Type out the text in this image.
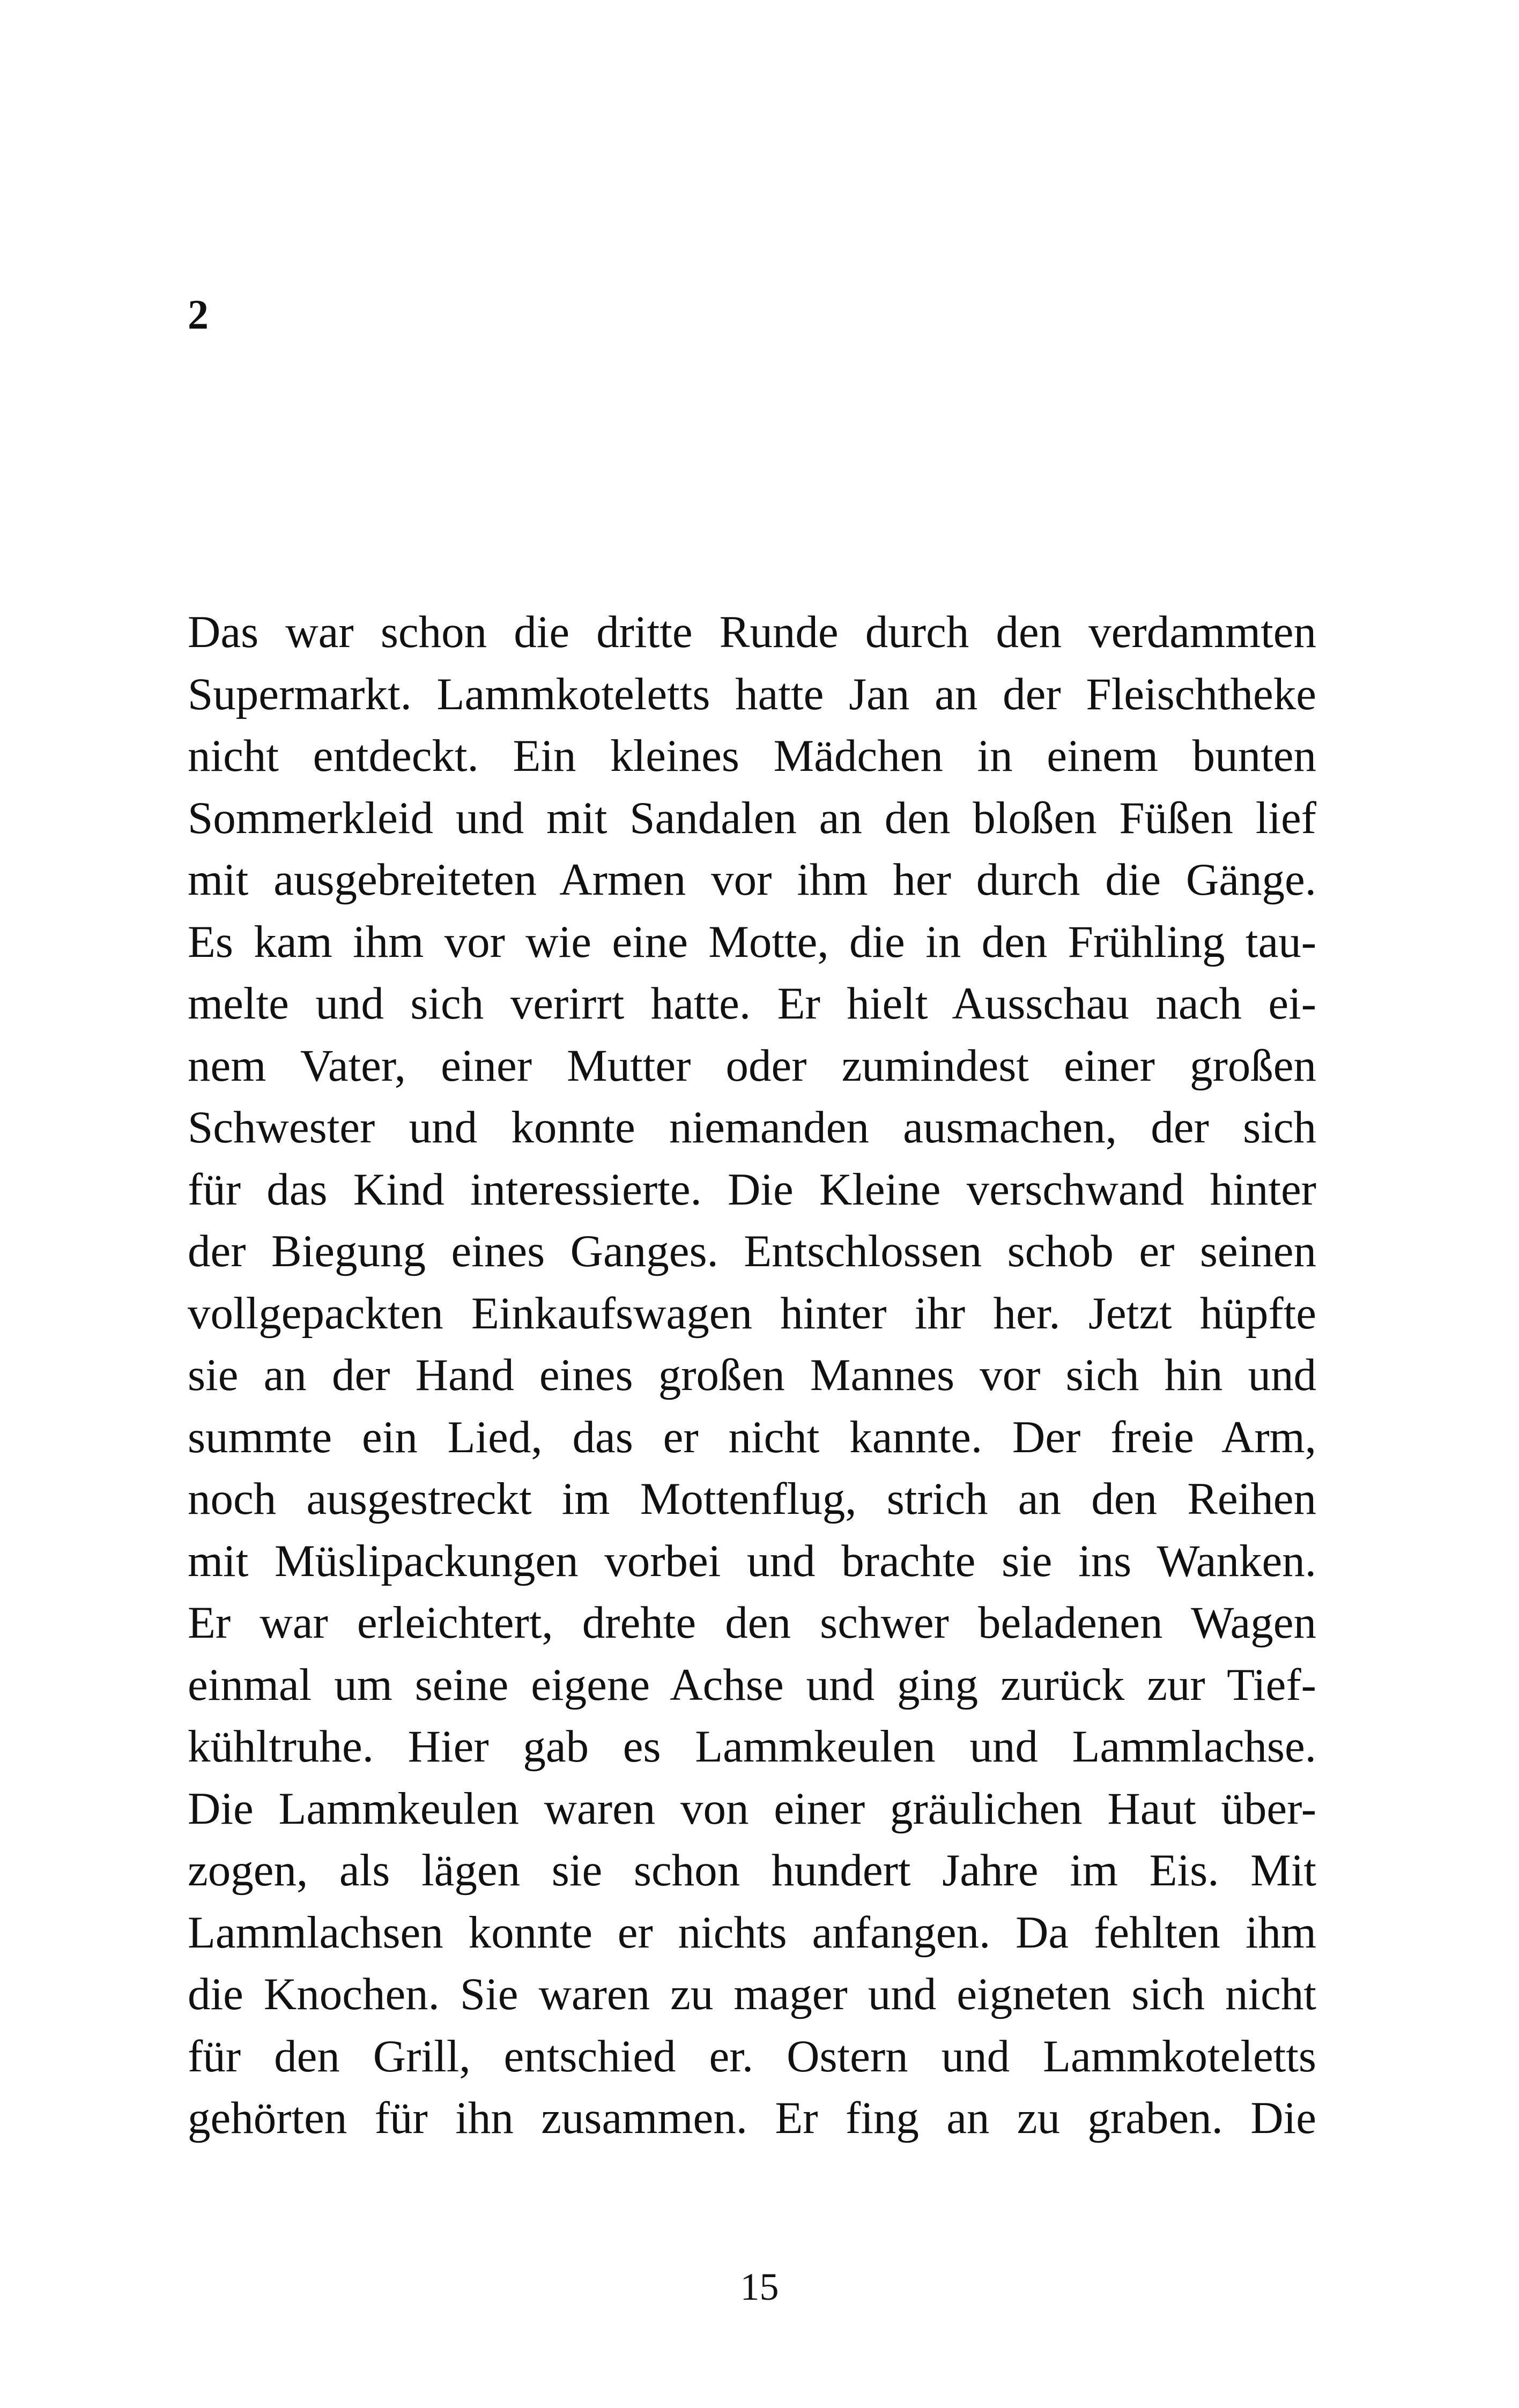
2
Das war schon die dritte Runde durch den verdammten
Supermarkt. Lammkoteletts hatte Jan an der Fleischtheke
nicht entdeckt. Ein kleines Mädchen in einem bunten
Sommerkleid und mit Sandalen an den bloßen Füßen lief
mit ausgebreiteten Armen vor ihm her durch die Gänge.
Es kam ihm vor wie eine Motte, die in den Frühling tau-
melte und sich verirrt hatte. Er hielt Ausschau nach ei-
nem Vater, einer Mutter oder zumindest einer großen
Schwester und konnte niemanden ausmachen, der sich
für das Kind interessierte. Die Kleine verschwand hinter
der Biegung eines Ganges. Entschlossen schob er seinen
vollgepackten Einkaufswagen hinter ihr her. Jetzt hüpfte
sie an der Hand eines großen Mannes vor sich hin und
summte ein Lied, das er nicht kannte. Der freie Arm,
noch ausgestreckt im Mottenflug, strich an den Reihen
mit Müslipackungen vorbei und brachte sie ins Wanken.
Er war erleichtert, drehte den schwer beladenen Wagen
einmal um seine eigene Achse und ging zurück zur Tief-
kühltruhe. Hier gab es Lammkeulen und Lammlachse.
Die Lammkeulen waren von einer gräulichen Haut über-
zogen, als lägen sie schon hundert Jahre im Eis. Mit
Lammlachsen konnte er nichts anfangen. Da fehlten ihm
die Knochen. Sie waren zu mager und eigneten sich nicht
für den Grill, entschied er. Ostern und Lammkoteletts
gehörten für ihn zusammen. Er fing an zu graben. Die
15
